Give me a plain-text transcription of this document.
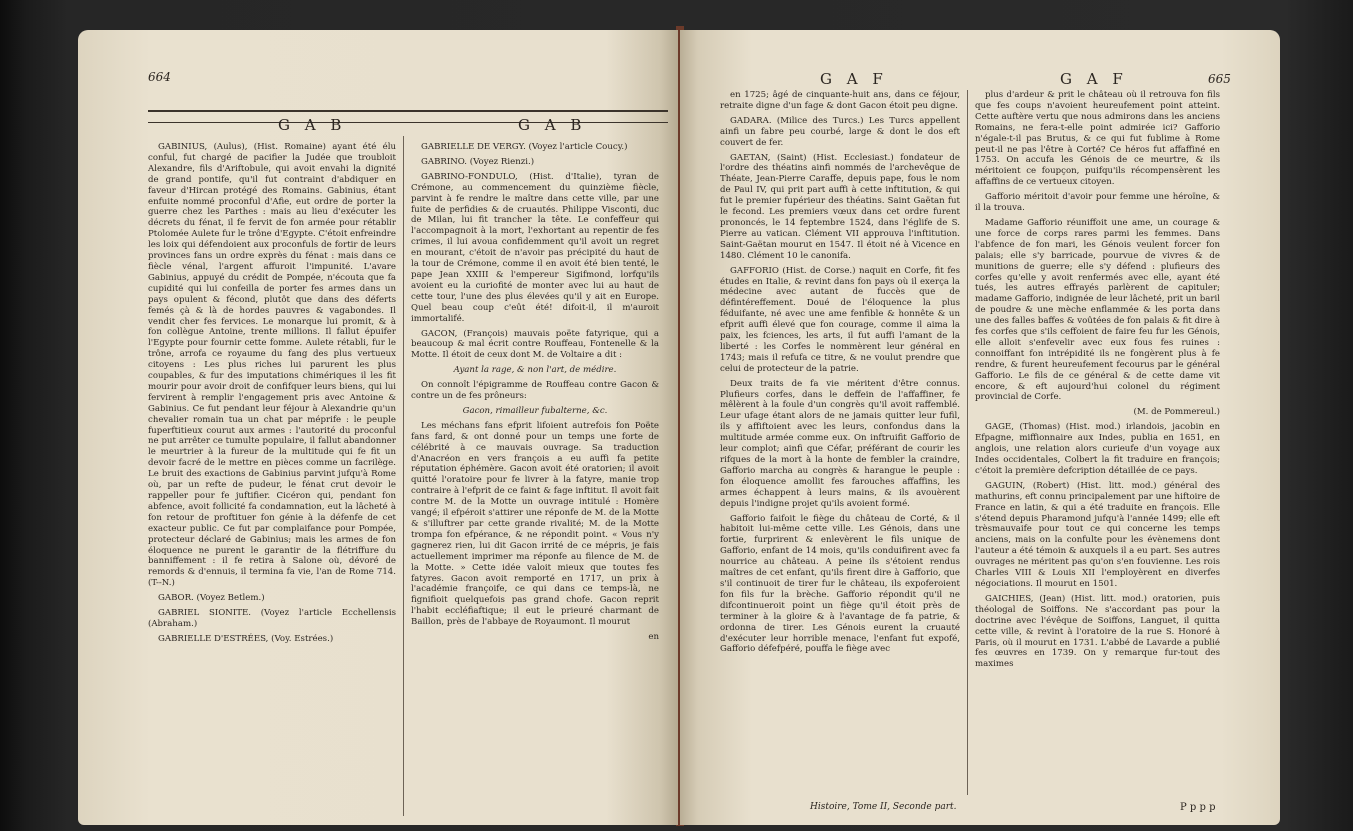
664
G A B	G A B

GABINIUS, (Aulus), (Hist. Romaine) ayant été élu conful, fut chargé de pacifier la Judée que troubloit Alexandre, fils d'Ariftobule, qui avoit envahi la dignité de grand pontife, qu'il fut contraint d'abdiquer en faveur d'Hircan protégé des Romains. Gabinius, étant enfuite nommé proconful d'Afie, eut ordre de porter la guerre chez les Parthes : mais au lieu d'exécuter les décrets du fénat, il fe fervit de fon armée pour rétablir Ptolomée Aulete fur le trône d'Egypte. C'étoit enfreindre les loix qui défendoient aux proconfuls de fortir de leurs provinces fans un ordre exprès du fénat : mais dans ce fiècle vénal, l'argent affuroit l'impunité. L'avare Gabinius, appuyé du crédit de Pompée, n'écouta que fa cupidité qui lui confeilla de porter fes armes dans un pays opulent & fécond, plutôt que dans des déferts femés çà & là de hordes pauvres & vagabondes. Il vendit cher fes fervices. Le monarque lui promit, & à fon collègue Antoine, trente millions. Il fallut épuifer l'Egypte pour fournir cette fomme. Aulete rétabli, fur le trône, arrofa ce royaume du fang des plus vertueux citoyens : Les plus riches lui parurent les plus coupables, & fur des imputations chimériques il les fit mourir pour avoir droit de confifquer leurs biens, qui lui fervirent à remplir l'engagement pris avec Antoine & Gabinius. Ce fut pendant leur féjour à Alexandrie qu'un chevalier romain tua un chat par méprife : le peuple fuperftitieux courut aux armes : l'autorité du proconful ne put arrêter ce tumulte populaire, il fallut abandonner le meurtrier à la fureur de la multitude qui fe fit un devoir facré de le mettre en pièces comme un facrilège. Le bruit des exactions de Gabinius parvint jufqu'à Rome où, par un refte de pudeur, le fénat crut devoir le rappeller pour fe juftifier. Cicéron qui, pendant fon abfence, avoit follicité fa condamnation, eut la lâcheté à fon retour de proftituer fon génie à la défenfe de cet exacteur public. Ce fut par complaifance pour Pompée, protecteur déclaré de Gabinius; mais les armes de fon éloquence ne purent le garantir de la flétriffure du banniffement : il fe retira à Salone où, dévoré de remords & d'ennuis, il termina fa vie, l'an de Rome 714. (T--N.)

GABOR. (Voyez Betlem.)

GABRIEL SIONITE. (Voyez l'article Ecchellensis (Abraham.)

GABRIELLE D'ESTRÉES, (Voy. Estrées.)

GABRIELLE DE VERGY. (Voyez l'article Coucy.)

GABRINO. (Voyez Rienzi.)

GABRINO-FONDULO, (Hist. d'Italie), tyran de Crémone, au commencement du quinzième fiècle, parvint à fe rendre le maître dans cette ville, par une fuite de perfidies & de cruautés. Philippe Visconti, duc de Milan, lui fit trancher la tête. Le confeffeur qui l'accompagnoit à la mort, l'exhortant au repentir de fes crimes, il lui avoua confidemment qu'il avoit un regret en mourant, c'étoit de n'avoir pas précipité du haut de la tour de Crémone, comme il en avoit été bien tenté, le pape Jean XXIII & l'empereur Sigifmond, lorfqu'ils avoient eu la curiofité de monter avec lui au haut de cette tour, l'une des plus élevées qu'il y ait en Europe. Quel beau coup c'eût été! difoit-il, il m'auroit immortalifé.

GACON, (François) mauvais poëte fatyrique, qui a beaucoup & mal écrit contre Rouffeau, Fontenelle & la Motte. Il étoit de ceux dont M. de Voltaire a dit :

Ayant la rage, & non l'art, de médire.

On connoît l'épigramme de Rouffeau contre Gacon & contre un de fes prôneurs:

Gacon, rimailleur fubalterne, &c.

Les méchans fans efprit lifoient autrefois fon Poëte fans fard, & ont donné pour un temps une forte de célébrité à ce mauvais ouvrage. Sa traduction d'Anacréon en vers françois a eu auffi fa petite réputation éphémère. Gacon avoit été oratorien; il avoit quitté l'oratoire pour fe livrer à la fatyre, manie trop contraire à l'efprit de ce faint & fage inftitut. Il avoit fait contre M. de la Motte un ouvrage intitulé : Homère vangé; il efpéroit s'attirer une réponfe de M. de la Motte & s'illuftrer par cette grande rivalité; M. de la Motte trompa fon efpérance, & ne répondit point. « Vous n'y gagnerez rien, lui dit Gacon irrité de ce mépris, je fais actuellement imprimer ma réponfe au filence de M. de la Motte. » Cette idée valoit mieux que toutes fes fatyres. Gacon avoit remporté en 1717, un prix à l'académie françoife, ce qui dans ce temps-là, ne fignifioit quelquefois pas grand chofe. Gacon reprit l'habit eccléfiaftique; il eut le prieuré charmant de Baillon, près de l'abbaye de Royaumont. Il mourut

en

G A F	G A F	665

en 1725; âgé de cinquante-huit ans, dans ce féjour, retraite digne d'un fage & dont Gacon étoit peu digne.

GADARA. (Milice des Turcs.) Les Turcs appellent ainfi un fabre peu courbé, large & dont le dos eft couvert de fer.

GAETAN, (Saint) (Hist. Ecclesiast.) fondateur de l'ordre des théatins ainfi nommés de l'archevêque de Théate, Jean-Pierre Caraffe, depuis pape, fous le nom de Paul IV, qui prit part auffi à cette inftitution, & qui fut le premier fupérieur des théatins. Saint Gaëtan fut le fecond. Les premiers vœux dans cet ordre furent prononcés, le 14 feptembre 1524, dans l'églife de S. Pierre au vatican. Clément VII approuva l'inftitution. Saint-Gaëtan mourut en 1547. Il étoit né à Vicence en 1480. Clément 10 le canonifa.

GAFFORIO (Hist. de Corse.) naquit en Corfe, fit fes études en Italie, & revint dans fon pays où il exerça la médecine avec autant de fuccès que de défintéreffement. Doué de l'éloquence la plus féduifante, né avec une ame fenfible & honnête & un efprit auffi élevé que fon courage, comme il aima la paix, les fciences, les arts, il fut auffi l'amant de la liberté : les Corfes le nommèrent leur général en 1743; mais il refufa ce titre, & ne voulut prendre que celui de protecteur de la patrie.

Deux traits de fa vie méritent d'être connus. Plufieurs corfes, dans le deffein de l'affaffiner, fe mêlèrent à la foule d'un congrès qu'il avoit raffemblé. Leur ufage étant alors de ne jamais quitter leur fufil, ils y affiftoient avec les leurs, confondus dans la multitude armée comme eux. On inftruifit Gafforio de leur complot; ainfi que Céfar, préférant de courir les rifques de la mort à la honte de fembler la craindre, Gafforio marcha au congrès & harangue le peuple : fon éloquence amollit fes farouches affaffins, les armes échappent à leurs mains, & ils avouèrent depuis l'indigne projet qu'ils avoient formé.

Gafforio faifoit le fiège du château de Corté, & il habitoit lui-même cette ville. Les Génois, dans une fortie, furprirent & enlevèrent le fils unique de Gafforio, enfant de 14 mois, qu'ils conduifirent avec fa nourrice au château. A peine ils s'étoient rendus maîtres de cet enfant, qu'ils firent dire à Gafforio, que s'il continuoit de tirer fur le château, ils expoferoient fon fils fur la brèche. Gafforio répondit qu'il ne difcontinueroit point un fiège qu'il étoit près de terminer à la gloire & à l'avantage de fa patrie, & ordonna de tirer. Les Génois eurent la cruauté d'exécuter leur horrible menace, l'enfant fut expofé, Gafforio défefpéré, pouffa le fiège avec

Histoire, Tome II, Seconde part.

plus d'ardeur & prit le château où il retrouva fon fils que fes coups n'avoient heureufement point atteint. Cette auftère vertu que nous admirons dans les anciens Romains, ne fera-t-elle point admirée ici? Gafforio n'égale-t-il pas Brutus, & ce qui fut fublime à Rome peut-il ne pas l'être à Corté? Ce héros fut affaffiné en 1753. On accufa les Génois de ce meurtre, & ils méritoient ce foupçon, puifqu'ils récompensèrent les affaffins de ce vertueux citoyen.

Gafforio méritoit d'avoir pour femme une héroïne, & il la trouva.

Madame Gafforio réuniffoit une ame, un courage & une force de corps rares parmi les femmes. Dans l'abfence de fon mari, les Génois veulent forcer fon palais; elle s'y barricade, pourvue de vivres & de munitions de guerre; elle s'y défend : plufieurs des corfes qu'elle y avoit renfermés avec elle, ayant été tués, les autres effrayés parlèrent de capituler; madame Gafforio, indignée de leur lâcheté, prit un baril de poudre & une mèche enflammée & les porta dans une des falles baffes & voûtées de fon palais & fit dire à fes corfes que s'ils ceffoient de faire feu fur les Génois, elle alloit s'enfevelir avec eux fous fes ruines : connoiffant fon intrépidité ils ne fongèrent plus à fe rendre, & furent heureufement fecourus par le général Gafforio. Le fils de ce général & de cette dame vit encore, & eft aujourd'hui colonel du régiment provincial de Corfe.

(M. de Pommereul.)

GAGE, (Thomas) (Hist. mod.) irlandois, jacobin en Efpagne, miffionnaire aux Indes, publia en 1651, en anglois, une relation alors curieufe d'un voyage aux Indes occidentales, Colbert la fit traduire en françois; c'étoit la première defcription détaillée de ce pays.

GAGUIN, (Robert) (Hist. litt. mod.) général des mathurins, eft connu principalement par une hiftoire de France en latin, & qui a été traduite en françois. Elle s'étend depuis Pharamond jufqu'à l'année 1499; elle eft trèsmauvaife pour tout ce qui concerne les temps anciens, mais on la confulte pour les évènemens dont l'auteur a été témoin & auxquels il a eu part. Ses autres ouvrages ne méritent pas qu'on s'en fouvienne. Les rois Charles VIII & Louis XII l'employèrent en diverfes négociations. Il mourut en 1501.

GAICHIES, (Jean) (Hist. litt. mod.) oratorien, puis théologal de Soiffons. Ne s'accordant pas pour la doctrine avec l'évêque de Soiffons, Languet, il quitta cette ville, & revint à l'oratoire de la rue S. Honoré à Paris, où il mourut en 1731. L'abbé de Lavarde a publié fes œuvres en 1739. On y remarque fur-tout des maximes

P p p p
